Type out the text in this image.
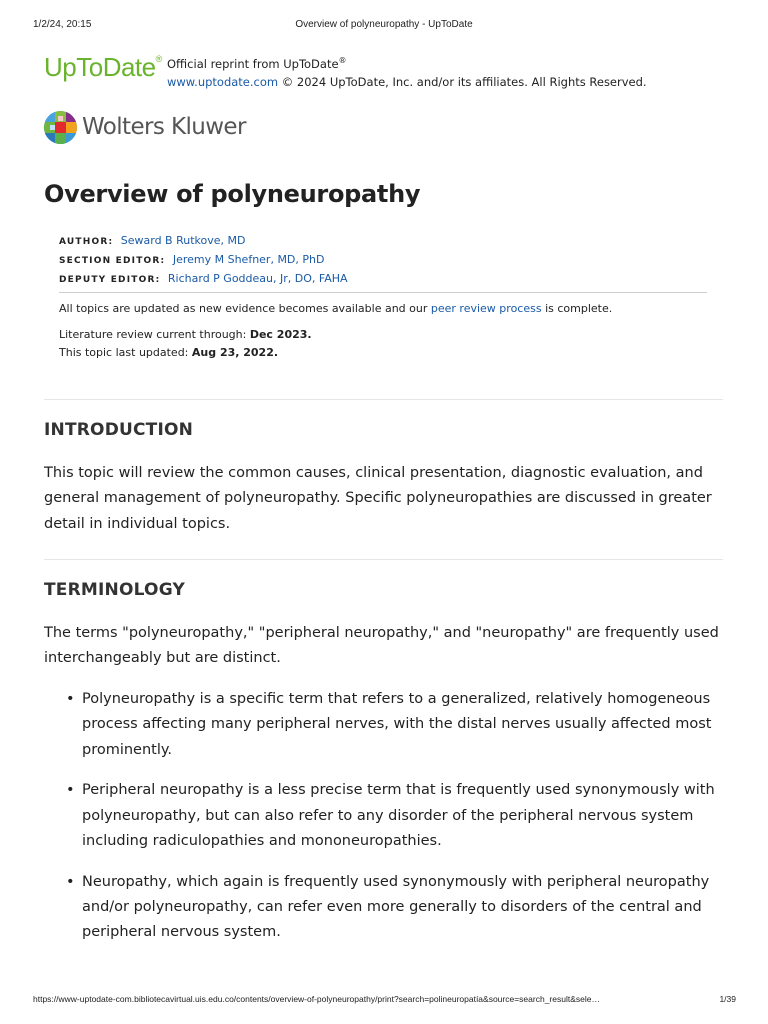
1/2/24, 20:15	Overview of polyneuropathy - UpToDate
UpToDate® Official reprint from UpToDate®
www.uptodate.com © 2024 UpToDate, Inc. and/or its affiliates. All Rights Reserved.
Wolters Kluwer
Overview of polyneuropathy
AUTHOR: Seward B Rutkove, MD
SECTION EDITOR: Jeremy M Shefner, MD, PhD
DEPUTY EDITOR: Richard P Goddeau, Jr, DO, FAHA
All topics are updated as new evidence becomes available and our peer review process is complete.
Literature review current through: Dec 2023.
This topic last updated: Aug 23, 2022.
INTRODUCTION

This topic will review the common causes, clinical presentation, diagnostic evaluation, and general management of polyneuropathy. Specific polyneuropathies are discussed in greater detail in individual topics.

TERMINOLOGY

The terms "polyneuropathy," "peripheral neuropathy," and "neuropathy" are frequently used interchangeably but are distinct.

• Polyneuropathy is a specific term that refers to a generalized, relatively homogeneous process affecting many peripheral nerves, with the distal nerves usually affected most prominently.
• Peripheral neuropathy is a less precise term that is frequently used synonymously with polyneuropathy, but can also refer to any disorder of the peripheral nervous system including radiculopathies and mononeuropathies.
• Neuropathy, which again is frequently used synonymously with peripheral neuropathy and/or polyneuropathy, can refer even more generally to disorders of the central and peripheral nervous system.
https://www-uptodate-com.bibliotecavirtual.uis.edu.co/contents/overview-of-polyneuropathy/print?search=polineuropatía&source=search_result&sele…	1/39
